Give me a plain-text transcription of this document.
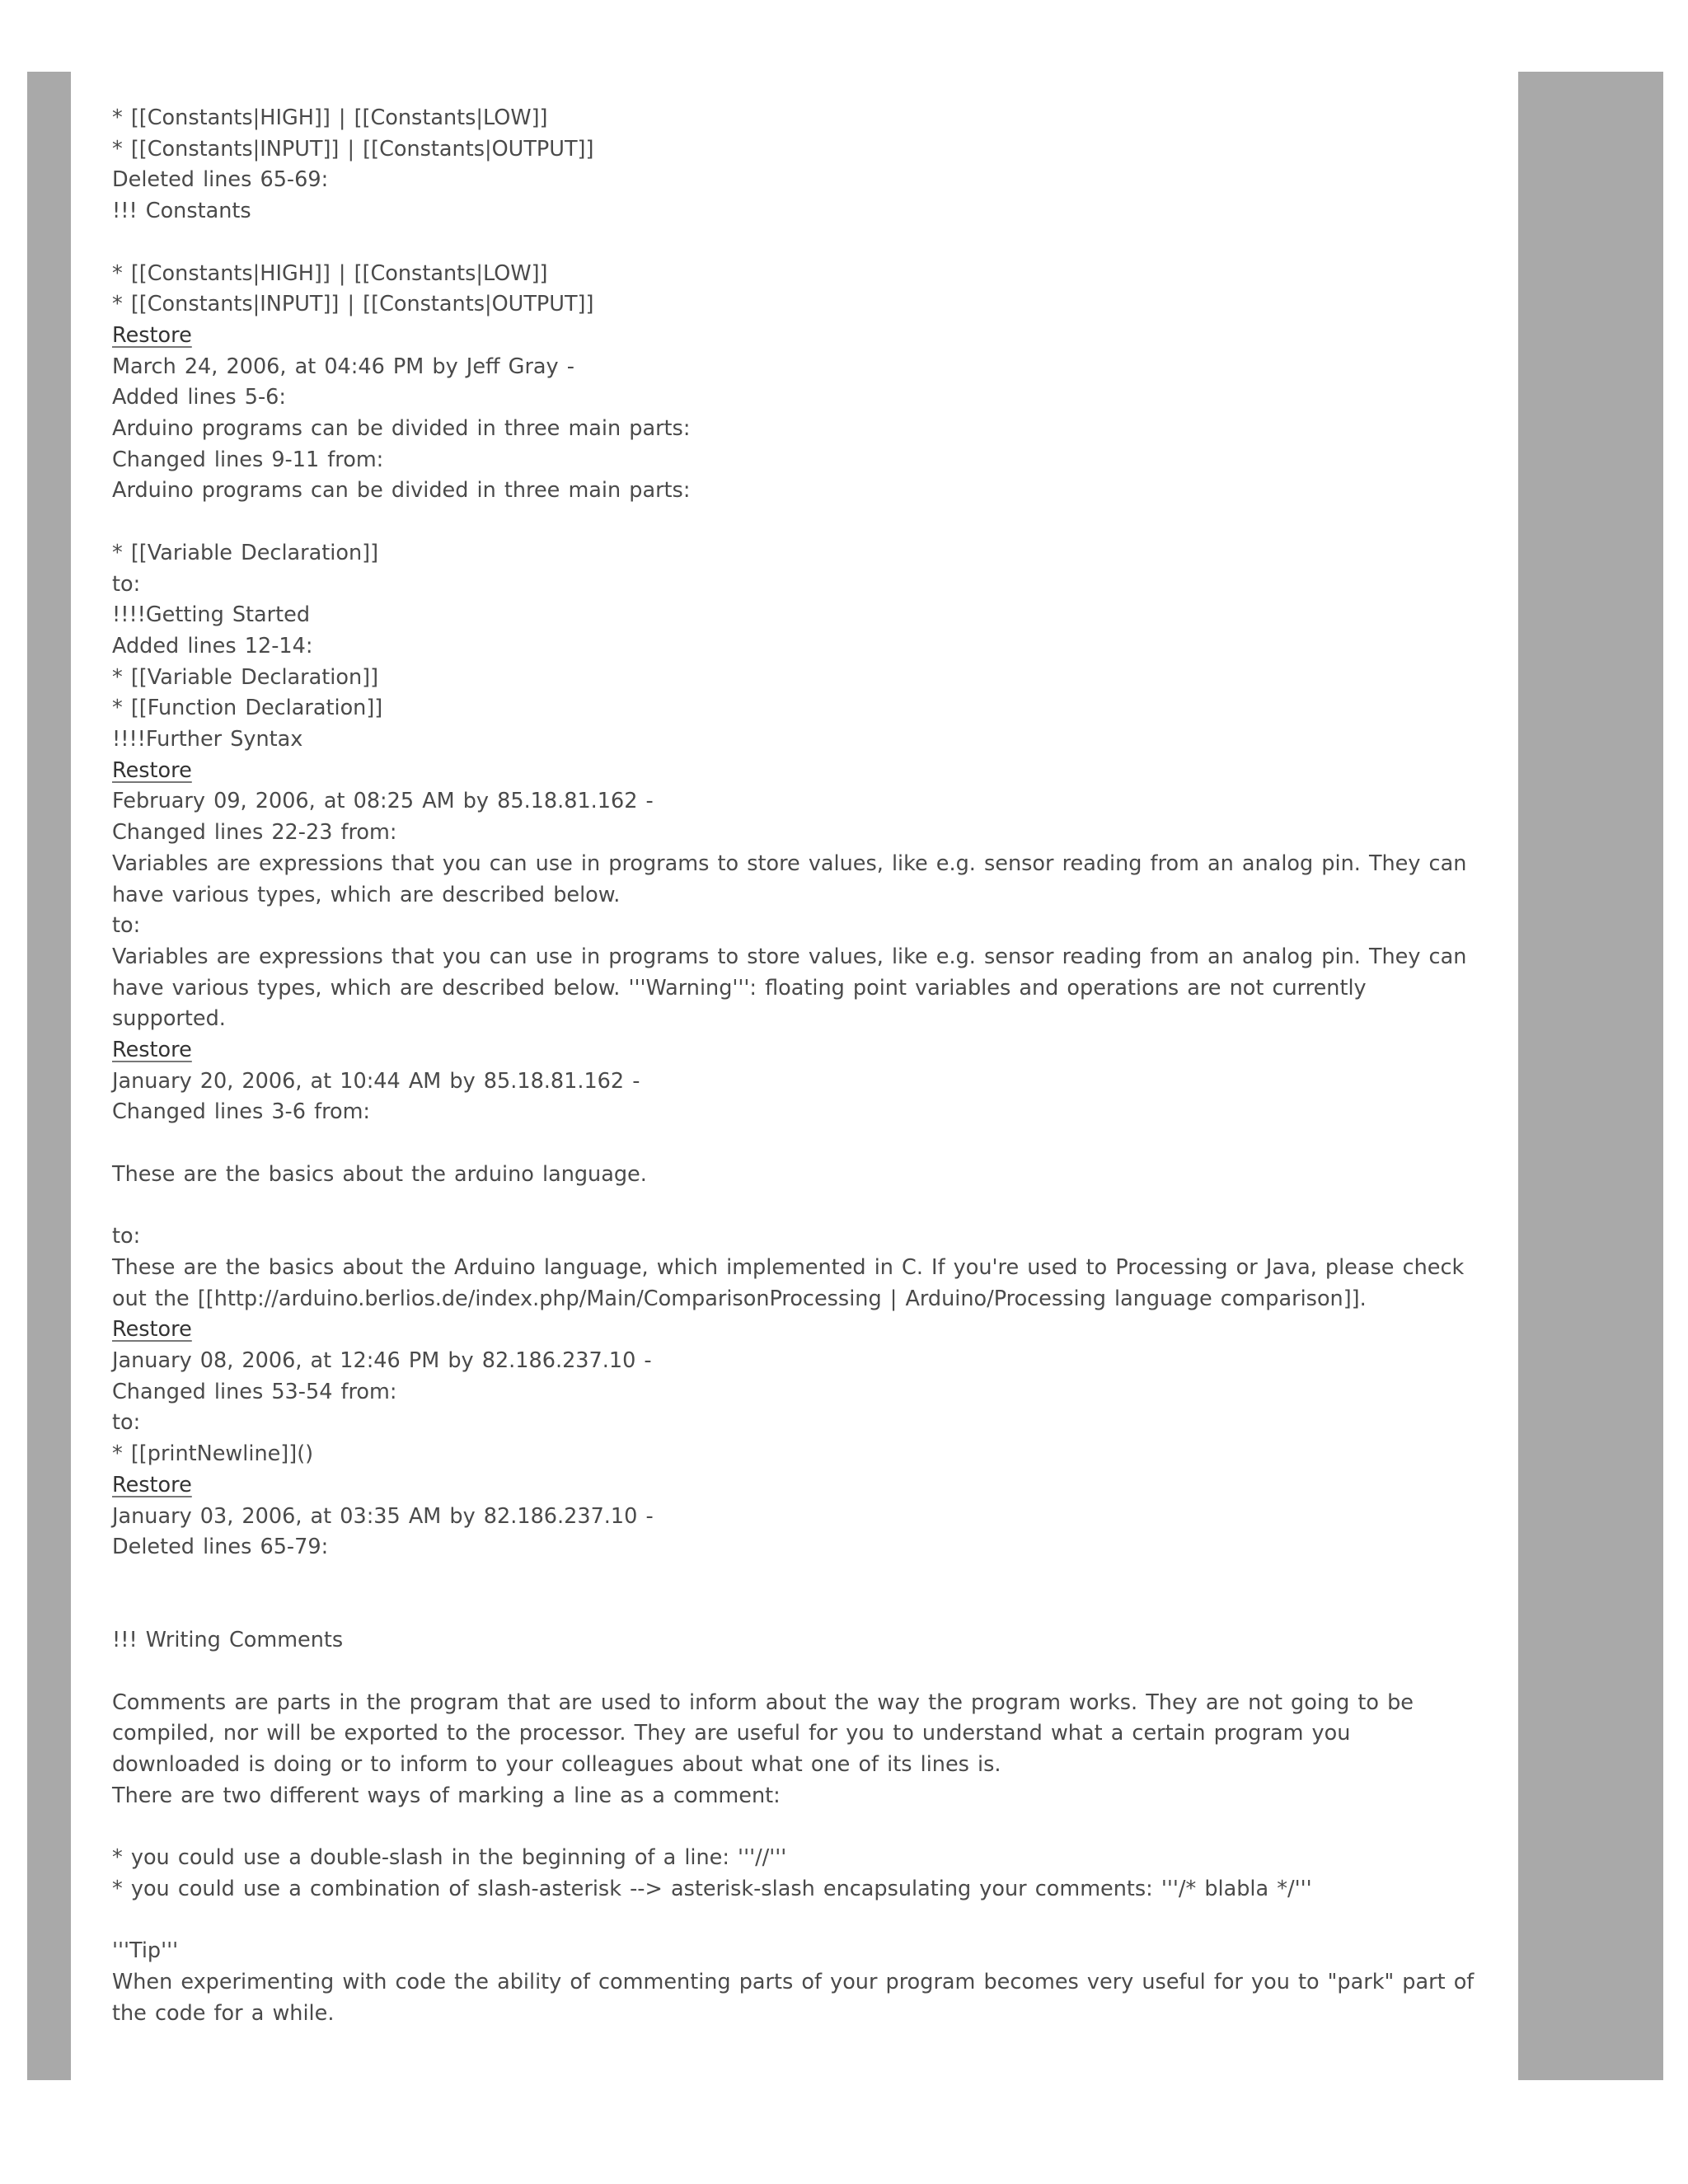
* [[Constants|HIGH]] | [[Constants|LOW]]
* [[Constants|INPUT]] | [[Constants|OUTPUT]]
Deleted lines 65-69:
!!! Constants
* [[Constants|HIGH]] | [[Constants|LOW]]
* [[Constants|INPUT]] | [[Constants|OUTPUT]]
Restore
March 24, 2006, at 04:46 PM by Jeff Gray -
Added lines 5-6:
Arduino programs can be divided in three main parts:
Changed lines 9-11 from:
Arduino programs can be divided in three main parts:
* [[Variable Declaration]]
to:
!!!!Getting Started
Added lines 12-14:
* [[Variable Declaration]]
* [[Function Declaration]]
!!!!Further Syntax
Restore
February 09, 2006, at 08:25 AM by 85.18.81.162 -
Changed lines 22-23 from:
Variables are expressions that you can use in programs to store values, like e.g. sensor reading from an analog pin. They can have various types, which are described below.
to:
Variables are expressions that you can use in programs to store values, like e.g. sensor reading from an analog pin. They can have various types, which are described below. '''Warning''': floating point variables and operations are not currently supported.
Restore
January 20, 2006, at 10:44 AM by 85.18.81.162 -
Changed lines 3-6 from:
These are the basics about the arduino language.
to:
These are the basics about the Arduino language, which implemented in C. If you're used to Processing or Java, please check out the [[http://arduino.berlios.de/index.php/Main/ComparisonProcessing | Arduino/Processing language comparison]].
Restore
January 08, 2006, at 12:46 PM by 82.186.237.10 -
Changed lines 53-54 from:
to:
* [[printNewline]]()
Restore
January 03, 2006, at 03:35 AM by 82.186.237.10 -
Deleted lines 65-79:
!!! Writing Comments
Comments are parts in the program that are used to inform about the way the program works. They are not going to be compiled, nor will be exported to the processor. They are useful for you to understand what a certain program you downloaded is doing or to inform to your colleagues about what one of its lines is.
There are two different ways of marking a line as a comment:
* you could use a double-slash in the beginning of a line: '''//'''
* you could use a combination of slash-asterisk --> asterisk-slash encapsulating your comments: '''/* blabla */'''
'''Tip'''
When experimenting with code the ability of commenting parts of your program becomes very useful for you to "park" part of the code for a while.
